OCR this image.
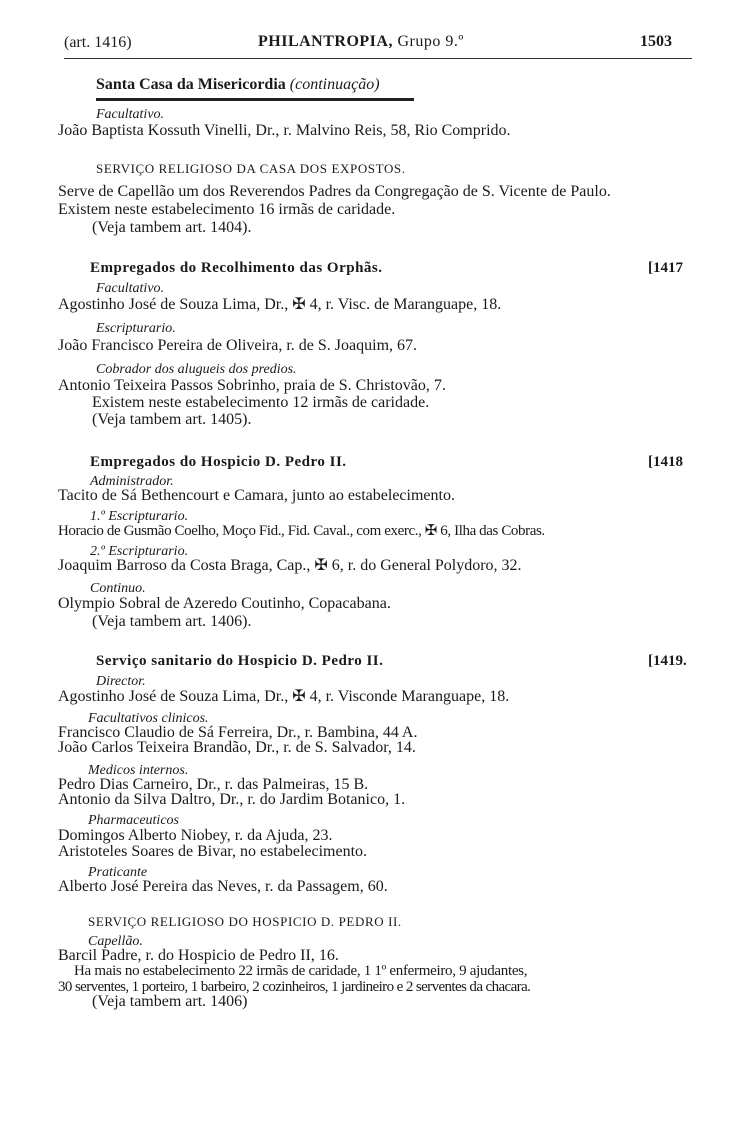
(art. 1416)	PHILANTROPIA, Grupo 9.º	1503
Santa Casa da Misericordia (continuação)
Facultativo.
João Baptista Kossuth Vinelli, Dr., r. Malvino Reis, 58, Rio Comprido.
SERVIÇO RELIGIOSO DA CASA DOS EXPOSTOS.
Serve de Capellão um dos Reverendos Padres da Congregação de S. Vicente de Paulo.
Existem neste estabelecimento 16 irmãs de caridade.
(Veja tambem art. 1404).
Empregados do Recolhimento das Orphãs.	[1417
Facultativo.
Agostinho José de Souza Lima, Dr., ✠ 4, r. Visc. de Maranguape, 18.
Escripturario.
João Francisco Pereira de Oliveira, r. de S. Joaquim, 67.
Cobrador dos alugueis dos predios.
Antonio Teixeira Passos Sobrinho, praia de S. Christovão, 7.
Existem neste estabelecimento 12 irmãs de caridade.
(Veja tambem art. 1405).
Empregados do Hospicio D. Pedro II.	[1418
Administrador.
Tacito de Sá Bethencourt e Camara, junto ao estabelecimento.
1.º Escripturario.
Horacio de Gusmão Coelho, Moço Fid., Fid. Caval., com exerc., ✠ 6, Ilha das Cobras.
2.º Escripturario.
Joaquim Barroso da Costa Braga, Cap., ✠ 6, r. do General Polydoro, 32.
Continuo.
Olympio Sobral de Azeredo Coutinho, Copacabana.
(Veja tambem art. 1406).
Serviço sanitario do Hospicio D. Pedro II.	[1419.
Director.
Agostinho José de Souza Lima, Dr., ✠ 4, r. Visconde Maranguape, 18.
Facultativos clinicos.
Francisco Claudio de Sá Ferreira, Dr., r. Bambina, 44 A.
João Carlos Teixeira Brandão, Dr., r. de S. Salvador, 14.
Medicos internos.
Pedro Dias Carneiro, Dr., r. das Palmeiras, 15 B.
Antonio da Silva Daltro, Dr., r. do Jardim Botanico, 1.
Pharmaceuticos
Domingos Alberto Niobey, r. da Ajuda, 23.
Aristoteles Soares de Bivar, no estabelecimento.
Praticante
Alberto José Pereira das Neves, r. da Passagem, 60.
SERVIÇO RELIGIOSO DO HOSPICIO D. PEDRO II.
Capellão.
Barcil Padre, r. do Hospicio de Pedro II, 16.
Ha mais no estabelecimento 22 irmãs de caridade, 1 1º enfermeiro, 9 ajudantes,
30 serventes, 1 porteiro, 1 barbeiro, 2 cozinheiros, 1 jardineiro e 2 serventes da chacara.
(Veja tambem art. 1406)
